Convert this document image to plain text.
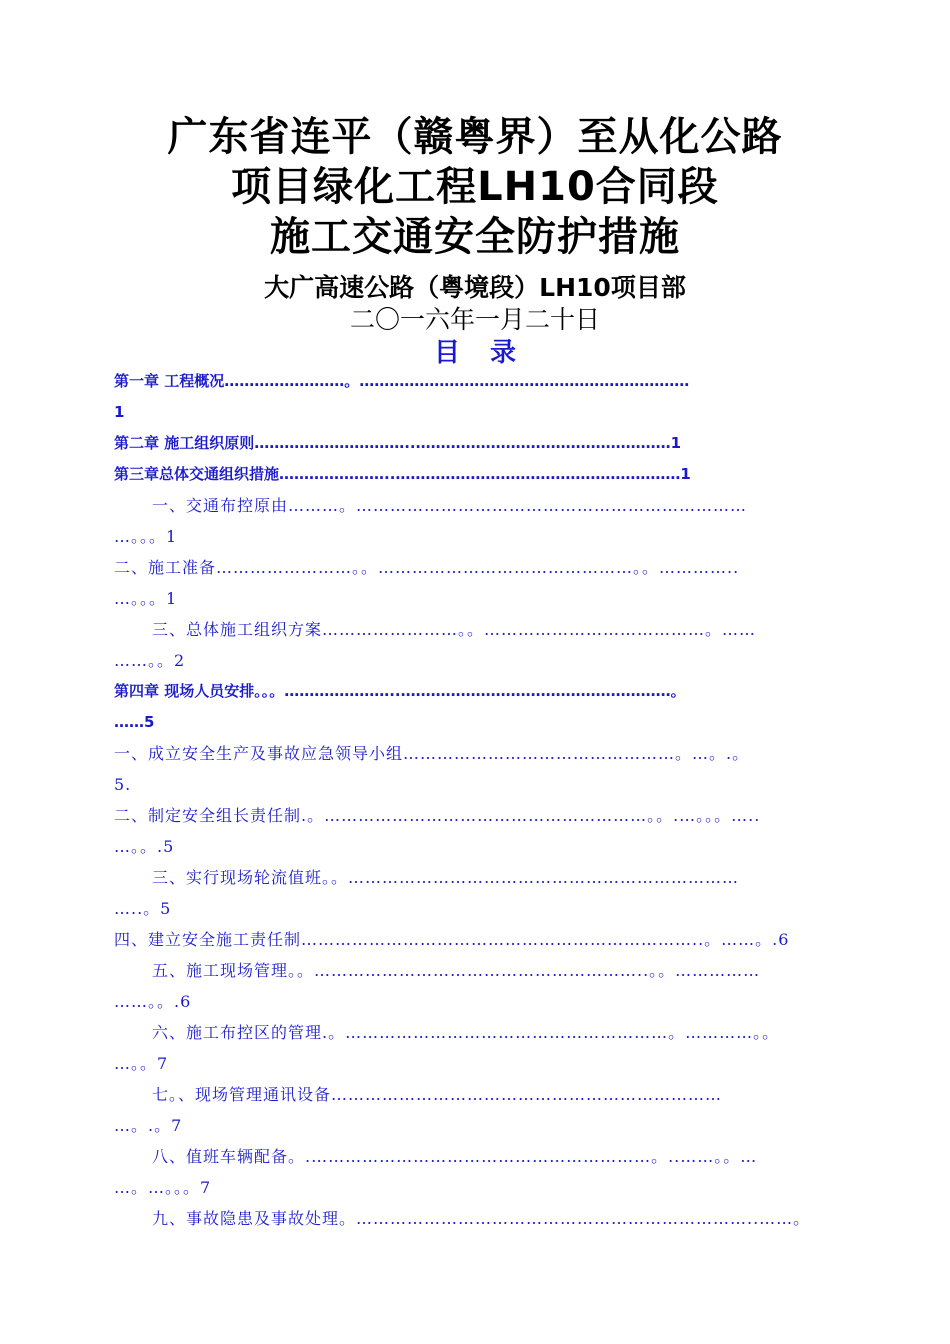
广东省连平（赣粤界）至从化公路
项目绿化工程LH10合同段
施工交通安全防护措施
大广高速公路（粤境段）LH10项目部
二〇一六年一月二十日
目录
第一章 工程概况……………………。…………………………………………………………
1
第二章 施工组织原则…………………………..……………………………………………1
第三章总体交通组织措施…………………..…………………………………………………1
一、交通布控原由………。……………………………………………………………
…。。。1
二、施工准备……………………。。………………………………………。。…………..
…。。。1
三、总体施工组织方案……………………。。…………………………………。……
……。。2
第四章 现场人员安排。。。…………………..………………………………………………。
……5
一、成立安全生产及事故应急领导小组…………………………………………。…。.。
5.
二、制定安全组长责任制.。…………………………………………………。。.…。。。…..
…。。.5
三、实行现场轮流值班。。……………………………………………………………
…..。5
四、建立安全施工责任制……………………………………………………………..。……。.6
五、施工现场管理。。…………………………………………………..。。……………
……。。.6
六、施工布控区的管理.。…………………………………………………。…………。。
…。。7
七。、现场管理通讯设备……………………………………………………………
…。.。7
八、值班车辆配备。.……………………………………………………。..……。。…
…。…。。。7
九、事故隐患及事故处理。……………………………………………………………..……。
